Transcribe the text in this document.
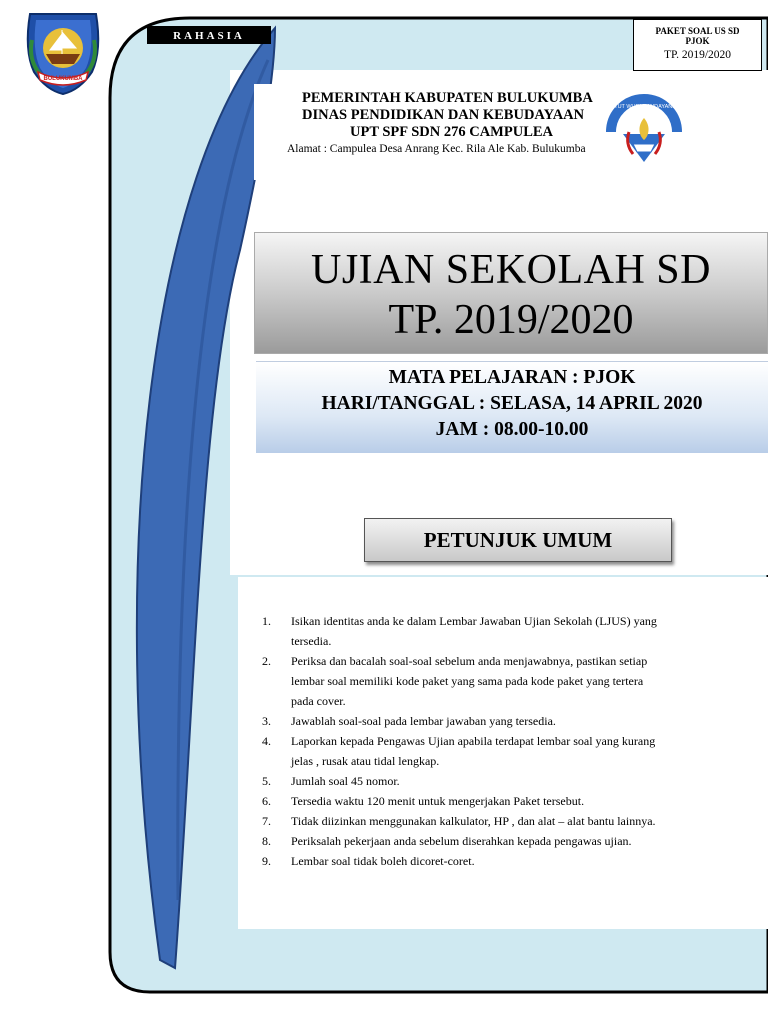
BULUKUMBA
RAHASIA	PAKET SOAL US SD
PJOK
TP. 2019/2020
PEMERINTAH KABUPATEN BULUKUMBA
DINAS PENDIDIKAN DAN KEBUDAYAAN
UPT SPF SDN 276 CAMPULEA
Alamat : Campulea Desa Anrang Kec. Rila Ale Kab. Bulukumba
TUT WURI HANDAYANI
UJIAN SEKOLAH SD
TP. 2019/2020
MATA PELAJARAN : PJOK
HARI/TANGGAL : SELASA, 14 APRIL 2020
JAM : 08.00-10.00
PETUNJUK UMUM
1. Isikan identitas anda ke dalam Lembar Jawaban Ujian Sekolah (LJUS) yang
tersedia.
2. Periksa dan bacalah soal-soal sebelum anda menjawabnya, pastikan setiap
lembar soal memiliki kode paket yang sama pada kode paket yang tertera
pada cover.
3. Jawablah soal-soal pada lembar jawaban yang tersedia.
4. Laporkan kepada Pengawas Ujian apabila terdapat lembar soal yang kurang
jelas , rusak atau tidal lengkap.
5. Jumlah soal 45 nomor.
6. Tersedia waktu 120 menit untuk mengerjakan Paket tersebut.
7. Tidak diizinkan menggunakan kalkulator, HP , dan alat – alat bantu lainnya.
8. Periksalah pekerjaan anda sebelum diserahkan kepada pengawas ujian.
9. Lembar soal tidak boleh dicoret-coret.
